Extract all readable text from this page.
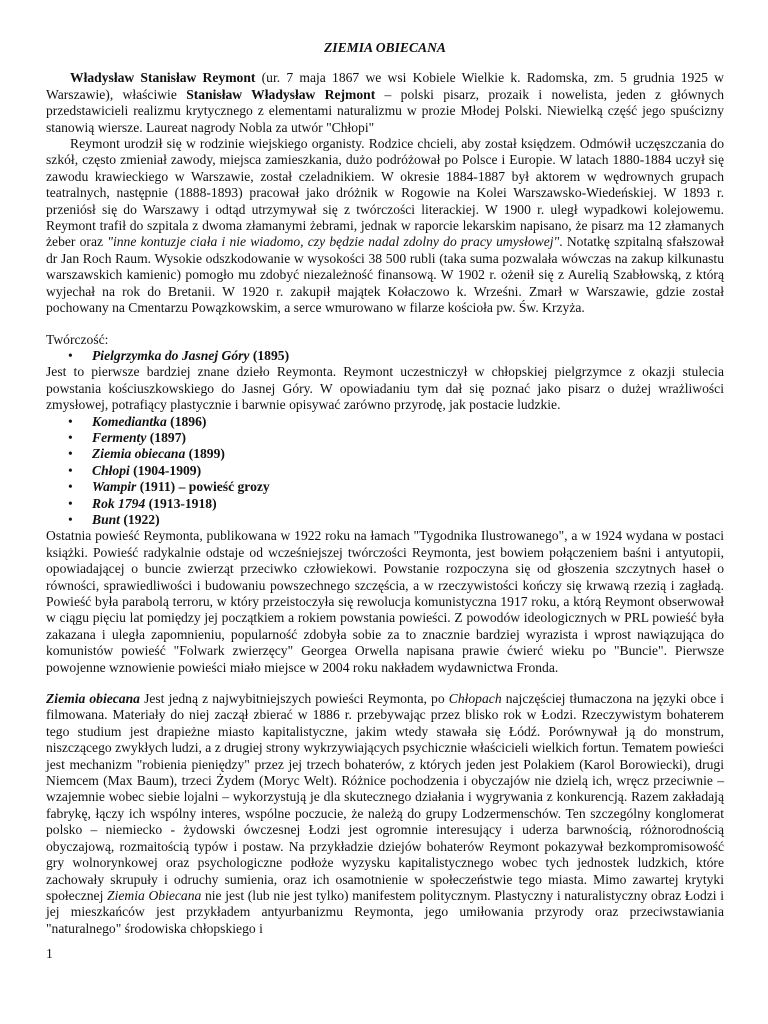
ZIEMIA OBIECANA

Władysław Stanisław Reymont (ur. 7 maja 1867 we wsi Kobiele Wielkie k. Radomska, zm. 5 grudnia 1925 w Warszawie), właściwie Stanisław Władysław Rejmont – polski pisarz, prozaik i nowelista, jeden z głównych przedstawicieli realizmu krytycznego z elementami naturalizmu w prozie Młodej Polski. Niewielką część jego spuścizny stanowią wiersze. Laureat nagrody Nobla za utwór "Chłopi"

Reymont urodził się w rodzinie wiejskiego organisty. Rodzice chcieli, aby został księdzem. Odmówił uczęszczania do szkół, często zmieniał zawody, miejsca zamieszkania, dużo podróżował po Polsce i Europie. W latach 1880-1884 uczył się zawodu krawieckiego w Warszawie, został czeladnikiem. W okresie 1884-1887 był aktorem w wędrownych grupach teatralnych, następnie (1888-1893) pracował jako dróżnik w Rogowie na Kolei Warszawsko-Wiedeńskiej. W 1893 r. przeniósł się do Warszawy i odtąd utrzymywał się z twórczości literackiej. W 1900 r. uległ wypadkowi kolejowemu. Reymont trafił do szpitala z dwoma złamanymi żebrami, jednak w raporcie lekarskim napisano, że pisarz ma 12 złamanych żeber oraz "inne kontuzje ciała i nie wiadomo, czy będzie nadal zdolny do pracy umysłowej". Notatkę szpitalną sfałszował dr Jan Roch Raum. Wysokie odszkodowanie w wysokości 38 500 rubli (taka suma pozwalała wówczas na zakup kilkunastu warszawskich kamienic) pomogło mu zdobyć niezależność finansową. W 1902 r. ożenił się z Aurelią Szabłowską, z którą wyjechał na rok do Bretanii. W 1920 r. zakupił majątek Kołaczowo k. Wrześni. Zmarł w Warszawie, gdzie został pochowany na Cmentarzu Powązkowskim, a serce wmurowano w filarze kościoła pw. Św. Krzyża.

Twórczość:

• Pielgrzymka do Jasnej Góry (1895)

Jest to pierwsze bardziej znane dzieło Reymonta. Reymont uczestniczył w chłopskiej pielgrzymce z okazji stulecia powstania kościuszkowskiego do Jasnej Góry. W opowiadaniu tym dał się poznać jako pisarz o dużej wrażliwości zmysłowej, potrafiący plastycznie i barwnie opisywać zarówno przyrodę, jak postacie ludzkie.

• Komediantka (1896)
• Fermenty (1897)
• Ziemia obiecana (1899)
• Chłopi (1904-1909)
• Wampir (1911) – powieść grozy
• Rok 1794 (1913-1918)
• Bunt (1922)

Ostatnia powieść Reymonta, publikowana w 1922 roku na łamach "Tygodnika Ilustrowanego", a w 1924 wydana w postaci książki. Powieść radykalnie odstaje od wcześniejszej twórczości Reymonta, jest bowiem połączeniem baśni i antyutopii, opowiadającej o buncie zwierząt przeciwko człowiekowi. Powstanie rozpoczyna się od głoszenia szczytnych haseł o równości, sprawiedliwości i budowaniu powszechnego szczęścia, a w rzeczywistości kończy się krwawą rzezią i zagładą. Powieść była parabolą terroru, w który przeistoczyła się rewolucja komunistyczna 1917 roku, a którą Reymont obserwował w ciągu pięciu lat pomiędzy jej początkiem a rokiem powstania powieści. Z powodów ideologicznych w PRL powieść była zakazana i uległa zapomnieniu, popularność zdobyła sobie za to znacznie bardziej wyrazista i wprost nawiązująca do komunistów powieść "Folwark zwierzęcy" Georgea Orwella napisana prawie ćwierć wieku po "Buncie". Pierwsze powojenne wznowienie powieści miało miejsce w 2004 roku nakładem wydawnictwa Fronda.

Ziemia obiecana Jest jedną z najwybitniejszych powieści Reymonta, po Chłopach najczęściej tłumaczona na języki obce i filmowana. Materiały do niej zaczął zbierać w 1886 r. przebywając przez blisko rok w Łodzi. Rzeczywistym bohaterem tego studium jest drapieżne miasto kapitalistyczne, jakim wtedy stawała się Łódź. Porównywał ją do monstrum, niszczącego zwykłych ludzi, a z drugiej strony wykrzywiających psychicznie właścicieli wielkich fortun. Tematem powieści jest mechanizm "robienia pieniędzy" przez jej trzech bohaterów, z których jeden jest Polakiem (Karol Borowiecki), drugi Niemcem (Max Baum), trzeci Żydem (Moryc Welt). Różnice pochodzenia i obyczajów nie dzielą ich, wręcz przeciwnie – wzajemnie wobec siebie lojalni – wykorzystują je dla skutecznego działania i wygrywania z konkurencją. Razem zakładają fabrykę, łączy ich wspólny interes, wspólne poczucie, że należą do grupy Lodzermenschów. Ten szczególny konglomerat polsko – niemiecko - żydowski ówczesnej Łodzi jest ogromnie interesujący i uderza barwnością, różnorodnością obyczajową, rozmaitością typów i postaw. Na przykładzie dziejów bohaterów Reymont pokazywał bezkompromisowość gry wolnorynkowej oraz psychologiczne podłoże wyzysku kapitalistycznego wobec tych jednostek ludzkich, które zachowały skrupuły i odruchy sumienia, oraz ich osamotnienie w społeczeństwie tego miasta. Mimo zawartej krytyki społecznej Ziemia Obiecana nie jest (lub nie jest tylko) manifestem politycznym. Plastyczny i naturalistyczny obraz Łodzi i jej mieszkańców jest przykładem antyurbanizmu Reymonta, jego umiłowania przyrody oraz przeciwstawiania "naturalnego" środowiska chłopskiego i

1
